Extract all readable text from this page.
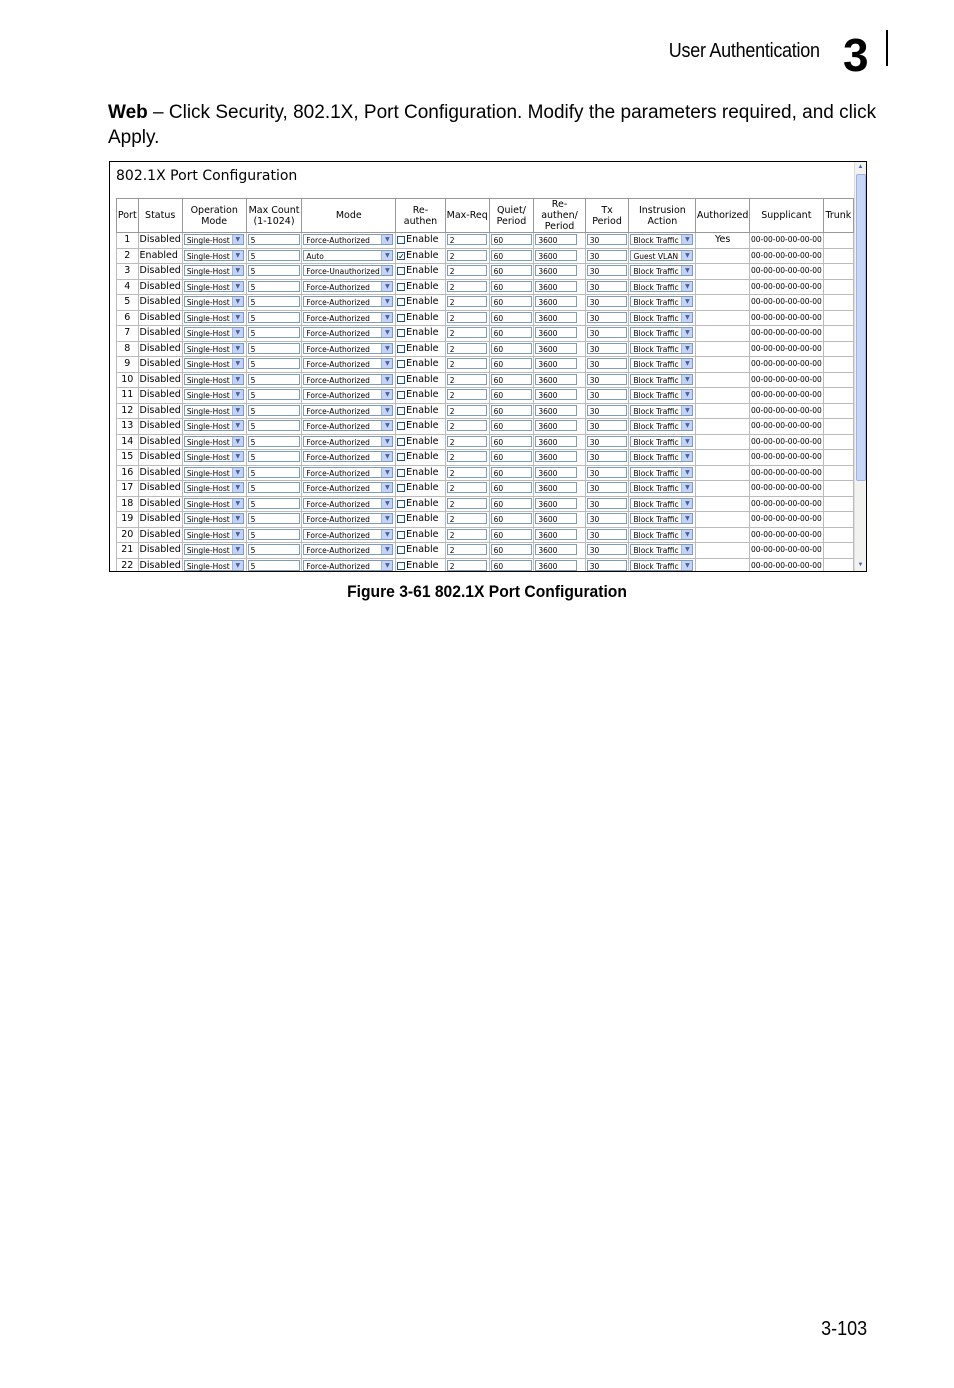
User Authentication 3
Web – Click Security, 802.1X, Port Configuration. Modify the parameters required, and click Apply.
802.1X Port Configuration
Port	Status	Operation Mode	Max Count (1-1024)	Mode	Re-authen	Max-Req	Quiet/ Period	Re-authen/ Period	Tx Period	Instrusion Action	Authorized	Supplicant	Trunk
1	Disabled	Single-Host ▼	5	Force-Authorized ▼	Enable	2	60	3600	30	Block Traffic ▼	Yes	00-00-00-00-00-00	
2	Enabled	Single-Host ▼	5	Auto ▼	✓Enable	2	60	3600	30	Guest VLAN ▼		00-00-00-00-00-00	
3	Disabled	Single-Host ▼	5	Force-Unauthorized ▼	Enable	2	60	3600	30	Block Traffic ▼		00-00-00-00-00-00	
4	Disabled	Single-Host ▼	5	Force-Authorized ▼	Enable	2	60	3600	30	Block Traffic ▼		00-00-00-00-00-00	
5	Disabled	Single-Host ▼	5	Force-Authorized ▼	Enable	2	60	3600	30	Block Traffic ▼		00-00-00-00-00-00	
6	Disabled	Single-Host ▼	5	Force-Authorized ▼	Enable	2	60	3600	30	Block Traffic ▼		00-00-00-00-00-00	
7	Disabled	Single-Host ▼	5	Force-Authorized ▼	Enable	2	60	3600	30	Block Traffic ▼		00-00-00-00-00-00	
8	Disabled	Single-Host ▼	5	Force-Authorized ▼	Enable	2	60	3600	30	Block Traffic ▼		00-00-00-00-00-00	
9	Disabled	Single-Host ▼	5	Force-Authorized ▼	Enable	2	60	3600	30	Block Traffic ▼		00-00-00-00-00-00	
10	Disabled	Single-Host ▼	5	Force-Authorized ▼	Enable	2	60	3600	30	Block Traffic ▼		00-00-00-00-00-00	
11	Disabled	Single-Host ▼	5	Force-Authorized ▼	Enable	2	60	3600	30	Block Traffic ▼		00-00-00-00-00-00	
12	Disabled	Single-Host ▼	5	Force-Authorized ▼	Enable	2	60	3600	30	Block Traffic ▼		00-00-00-00-00-00	
13	Disabled	Single-Host ▼	5	Force-Authorized ▼	Enable	2	60	3600	30	Block Traffic ▼		00-00-00-00-00-00	
14	Disabled	Single-Host ▼	5	Force-Authorized ▼	Enable	2	60	3600	30	Block Traffic ▼		00-00-00-00-00-00	
15	Disabled	Single-Host ▼	5	Force-Authorized ▼	Enable	2	60	3600	30	Block Traffic ▼		00-00-00-00-00-00	
16	Disabled	Single-Host ▼	5	Force-Authorized ▼	Enable	2	60	3600	30	Block Traffic ▼		00-00-00-00-00-00	
17	Disabled	Single-Host ▼	5	Force-Authorized ▼	Enable	2	60	3600	30	Block Traffic ▼		00-00-00-00-00-00	
18	Disabled	Single-Host ▼	5	Force-Authorized ▼	Enable	2	60	3600	30	Block Traffic ▼		00-00-00-00-00-00	
19	Disabled	Single-Host ▼	5	Force-Authorized ▼	Enable	2	60	3600	30	Block Traffic ▼		00-00-00-00-00-00	
20	Disabled	Single-Host ▼	5	Force-Authorized ▼	Enable	2	60	3600	30	Block Traffic ▼		00-00-00-00-00-00	
21	Disabled	Single-Host ▼	5	Force-Authorized ▼	Enable	2	60	3600	30	Block Traffic ▼		00-00-00-00-00-00	
22	Disabled	Single-Host ▼	5	Force-Authorized ▼	Enable	2	60	3600	30	Block Traffic ▼		00-00-00-00-00-00	
▲
▼
Figure 3-61 802.1X Port Configuration
3-103
